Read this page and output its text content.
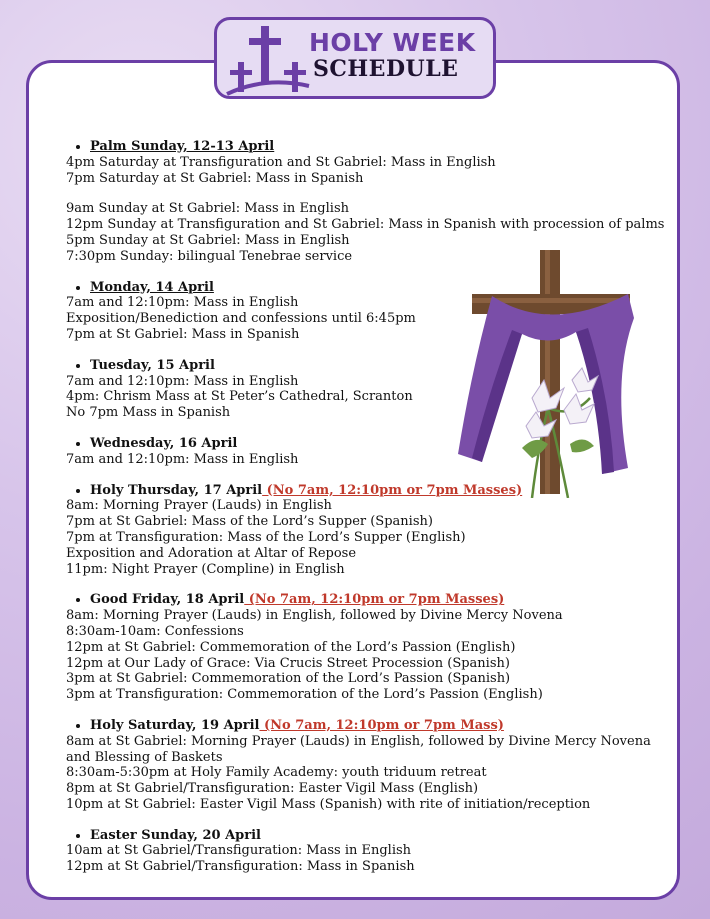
HOLY WEEK
SCHEDULE
Palm Sunday, 12-13 April
4pm Saturday at Transfiguration and St Gabriel: Mass in English
7pm Saturday at St Gabriel: Mass in Spanish
9am Sunday at St Gabriel: Mass in English
12pm Sunday at Transfiguration and St Gabriel: Mass in Spanish with procession of palms
5pm Sunday at St Gabriel: Mass in English
7:30pm Sunday: bilingual Tenebrae service
Monday, 14 April
7am and 12:10pm: Mass in English
Exposition/Benediction and confessions until 6:45pm
7pm at St Gabriel: Mass in Spanish
Tuesday, 15 April
7am and 12:10pm: Mass in English
4pm: Chrism Mass at St Peter’s Cathedral, Scranton
No 7pm Mass in Spanish
Wednesday, 16 April
7am and 12:10pm: Mass in English
Holy Thursday, 17 April (No 7am, 12:10pm or 7pm Masses)
8am: Morning Prayer (Lauds) in English
7pm at St Gabriel: Mass of the Lord’s Supper (Spanish)
7pm at Transfiguration: Mass of the Lord’s Supper (English)
Exposition and Adoration at Altar of Repose
11pm: Night Prayer (Compline) in English
Good Friday, 18 April (No 7am, 12:10pm or 7pm Masses)
8am: Morning Prayer (Lauds) in English, followed by Divine Mercy Novena
8:30am-10am: Confessions
12pm at St Gabriel: Commemoration of the Lord’s Passion (English)
12pm at Our Lady of Grace: Via Crucis Street Procession (Spanish)
3pm at St Gabriel: Commemoration of the Lord’s Passion (Spanish)
3pm at Transfiguration: Commemoration of the Lord’s Passion (English)
Holy Saturday, 19 April (No 7am, 12:10pm or 7pm Mass)
8am at St Gabriel: Morning Prayer (Lauds) in English, followed by Divine Mercy Novena and Blessing of Baskets
8:30am-5:30pm at Holy Family Academy: youth triduum retreat
8pm at St Gabriel/Transfiguration: Easter Vigil Mass (English)
10pm at St Gabriel: Easter Vigil Mass (Spanish) with rite of initiation/reception
Easter Sunday, 20 April
10am at St Gabriel/Transfiguration: Mass in English
12pm at St Gabriel/Transfiguration: Mass in Spanish
